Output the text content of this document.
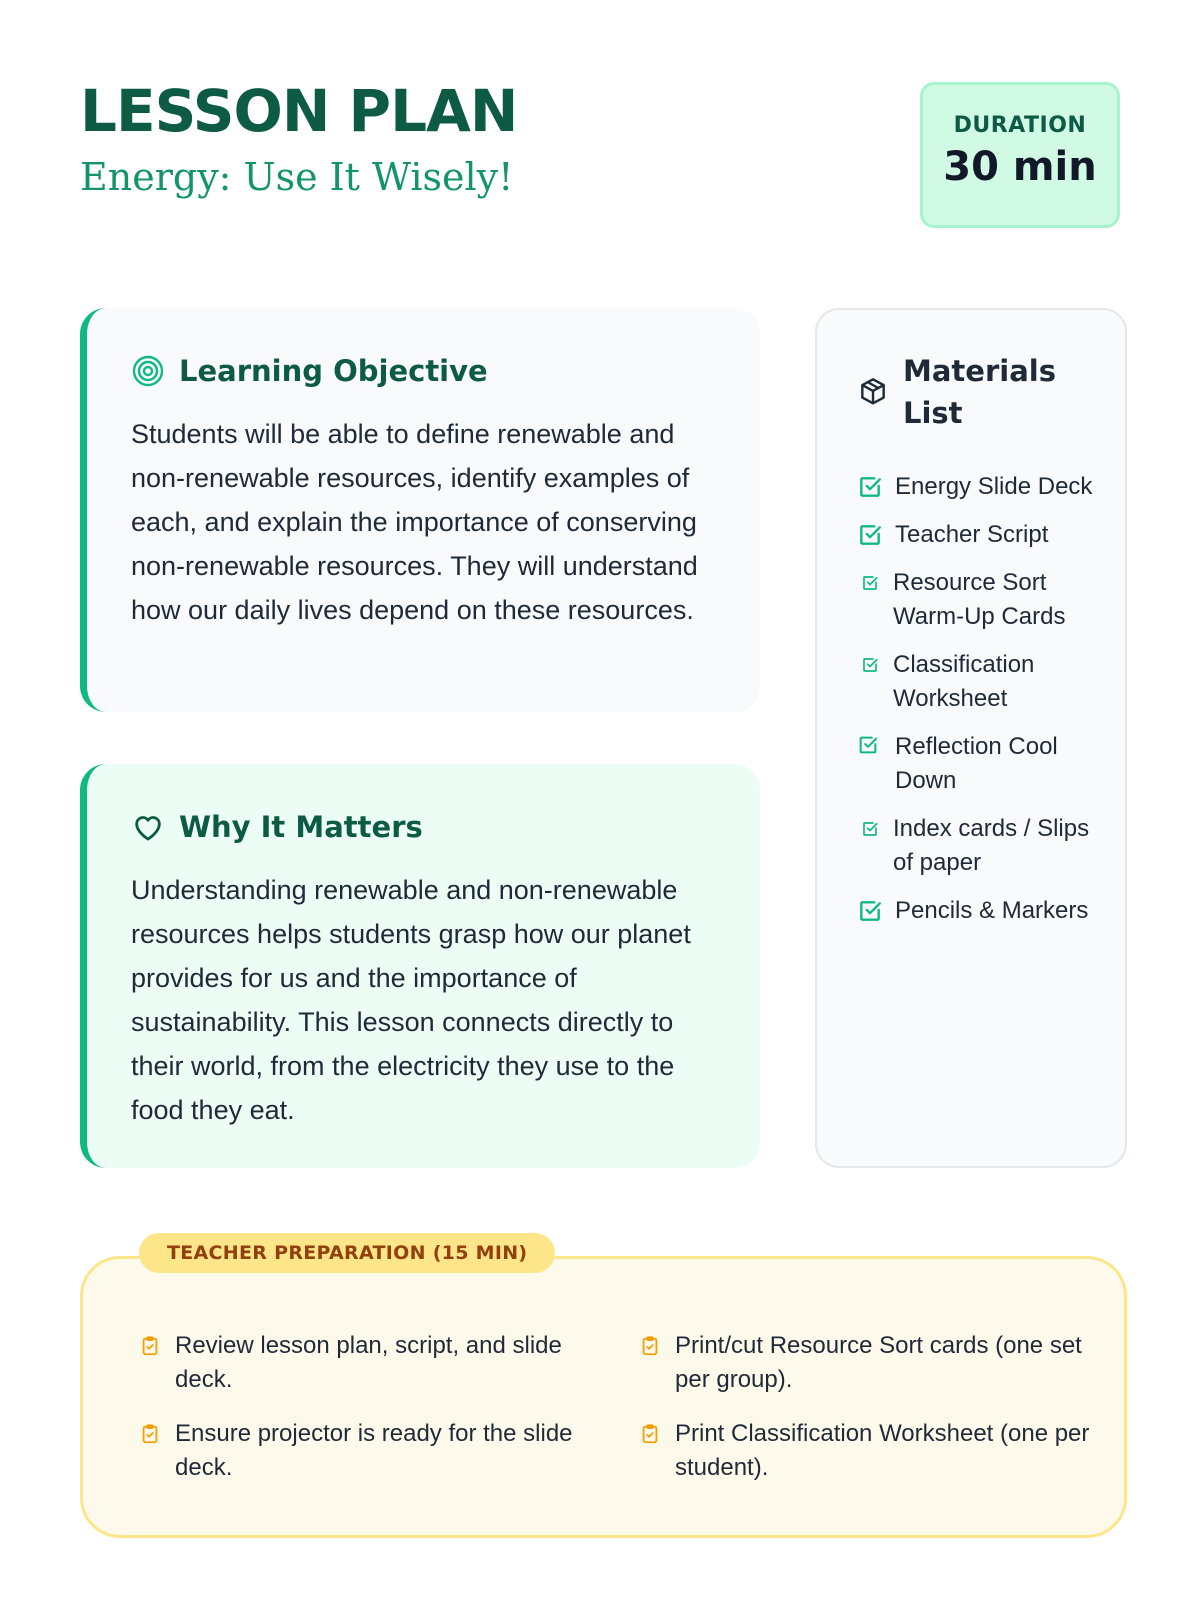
LESSON PLAN
Energy: Use It Wisely!
DURATION
30 min
Learning Objective

Students will be able to define renewable and non-renewable resources, identify examples of each, and explain the importance of conserving non-renewable resources. They will understand how our daily lives depend on these resources.

Why It Matters

Understanding renewable and non-renewable resources helps students grasp how our planet provides for us and the importance of sustainability. This lesson connects directly to their world, from the electricity they use to the food they eat.

Materials List
Energy Slide Deck
Teacher Script
Resource Sort Warm-Up Cards
Classification Worksheet
Reflection Cool Down
Index cards / Slips of paper
Pencils & Markers
TEACHER PREPARATION (15 MIN)
Review lesson plan, script, and slide deck.
Print/cut Resource Sort cards (one set per group).
Ensure projector is ready for the slide deck.
Print Classification Worksheet (one per student).
